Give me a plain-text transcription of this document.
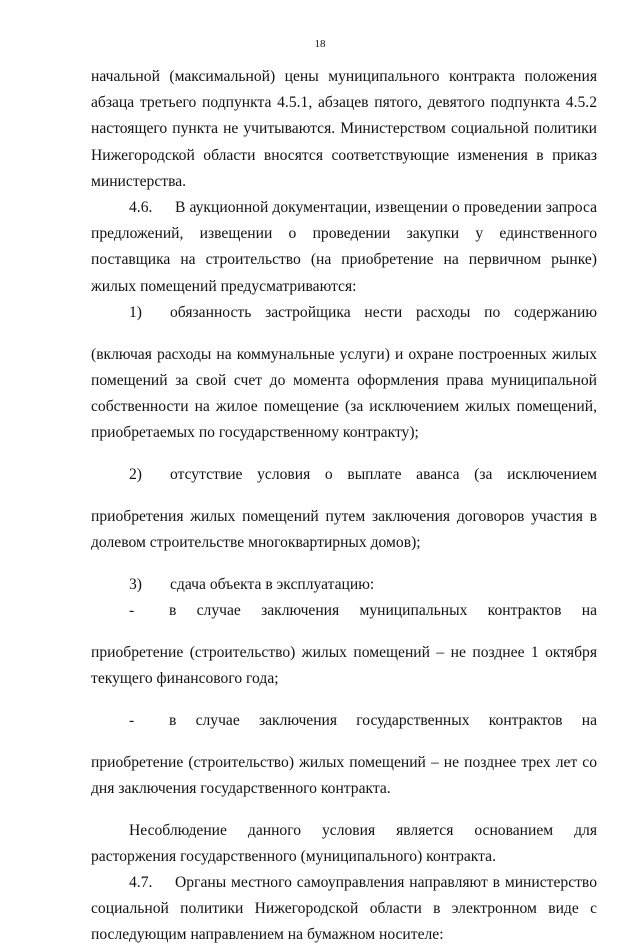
18

начальной (максимальной) цены муниципального контракта положения абзаца третьего подпункта 4.5.1, абзацев пятого, девятого подпункта 4.5.2 настоящего пункта не учитываются. Министерством социальной политики Нижегородской области вносятся соответствующие изменения в приказ министерства.

4.6. В аукционной документации, извещении о проведении запроса предложений, извещении о проведении закупки у единственного поставщика на строительство (на приобретение на первичном рынке) жилых помещений предусматриваются:

1)	обязанность застройщика нести расходы по содержанию

(включая расходы на коммунальные услуги) и охране построенных жилых помещений за свой счет до момента оформления права муниципальной собственности на жилое помещение (за исключением жилых помещений, приобретаемых по государственному контракту);

2)	отсутствие условия о выплате аванса (за исключением

приобретения жилых помещений путем заключения договоров участия в долевом строительстве многоквартирных домов);

3)	сдача объекта в эксплуатацию:
-	в случае заключения муниципальных контрактов на

приобретение (строительство) жилых помещений – не позднее 1 октября текущего финансового года;

-	в случае заключения государственных контрактов на

приобретение (строительство) жилых помещений – не позднее трех лет со дня заключения государственного контракта.

Несоблюдение данного условия является основанием для расторжения государственного (муниципального) контракта.

4.7. Органы местного самоуправления направляют в министерство социальной политики Нижегородской области в электронном виде с последующим направлением на бумажном носителе:
